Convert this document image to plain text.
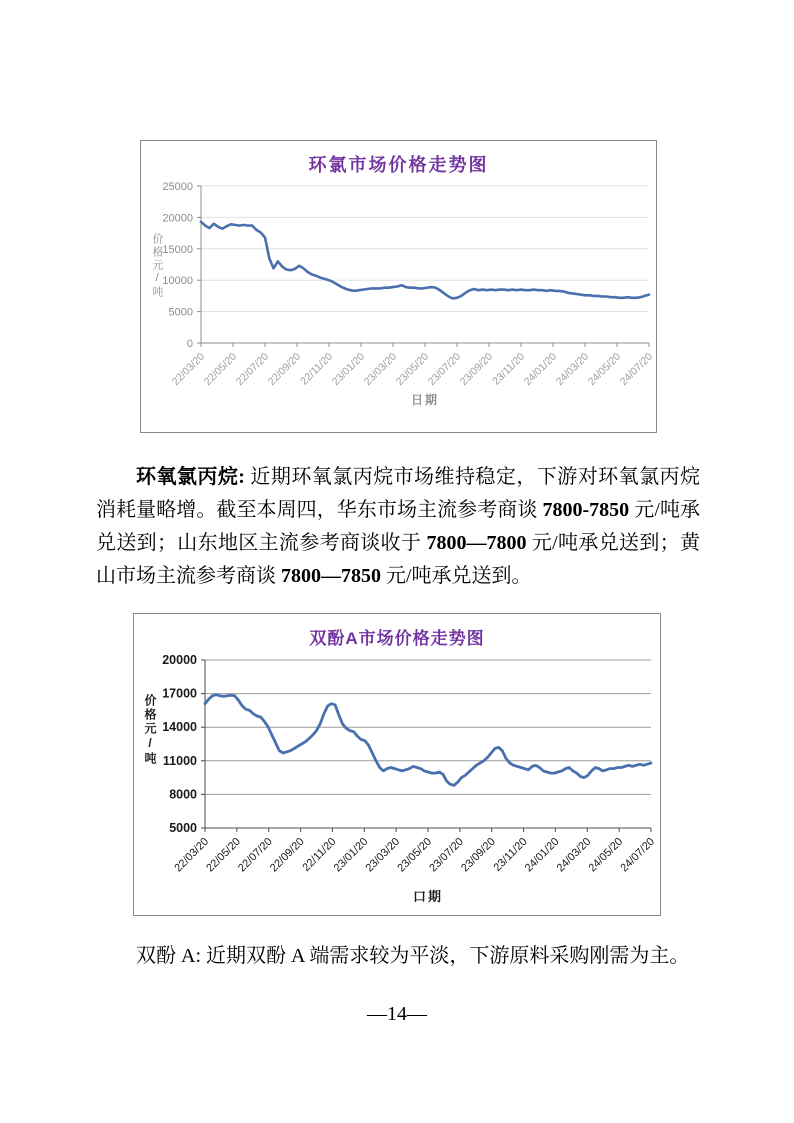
环氯市场价格走势图
价格元/吨
0
5000
10000
15000
20000
25000
22/03/20
22/05/20
22/07/20
22/09/20
22/11/20
23/01/20
23/03/20
23/05/20
23/07/20
23/09/20
23/11/20
24/01/20
24/03/20
24/05/20
24/07/20
日期

环氧氯丙烷: 近期环氧氯丙烷市场维持稳定，下游对环氧氯丙烷消耗量略增。截至本周四，华东市场主流参考商谈 7800-7850 元/吨承兑送到；山东地区主流参考商谈收于 7800—7800 元/吨承兑送到；黄山市场主流参考商谈 7800—7850 元/吨承兑送到。

双酚A市场价格走势图
价格元/吨
5000
8000
11000
14000
17000
20000
22/03/20
22/05/20
22/07/20
22/09/20
22/11/20
23/01/20
23/03/20
23/05/20
23/07/20
23/09/20
23/11/20
24/01/20
24/03/20
24/05/20
24/07/20
口期

双酚 A: 近期双酚 A 端需求较为平淡，下游原料采购刚需为主。

—14—
